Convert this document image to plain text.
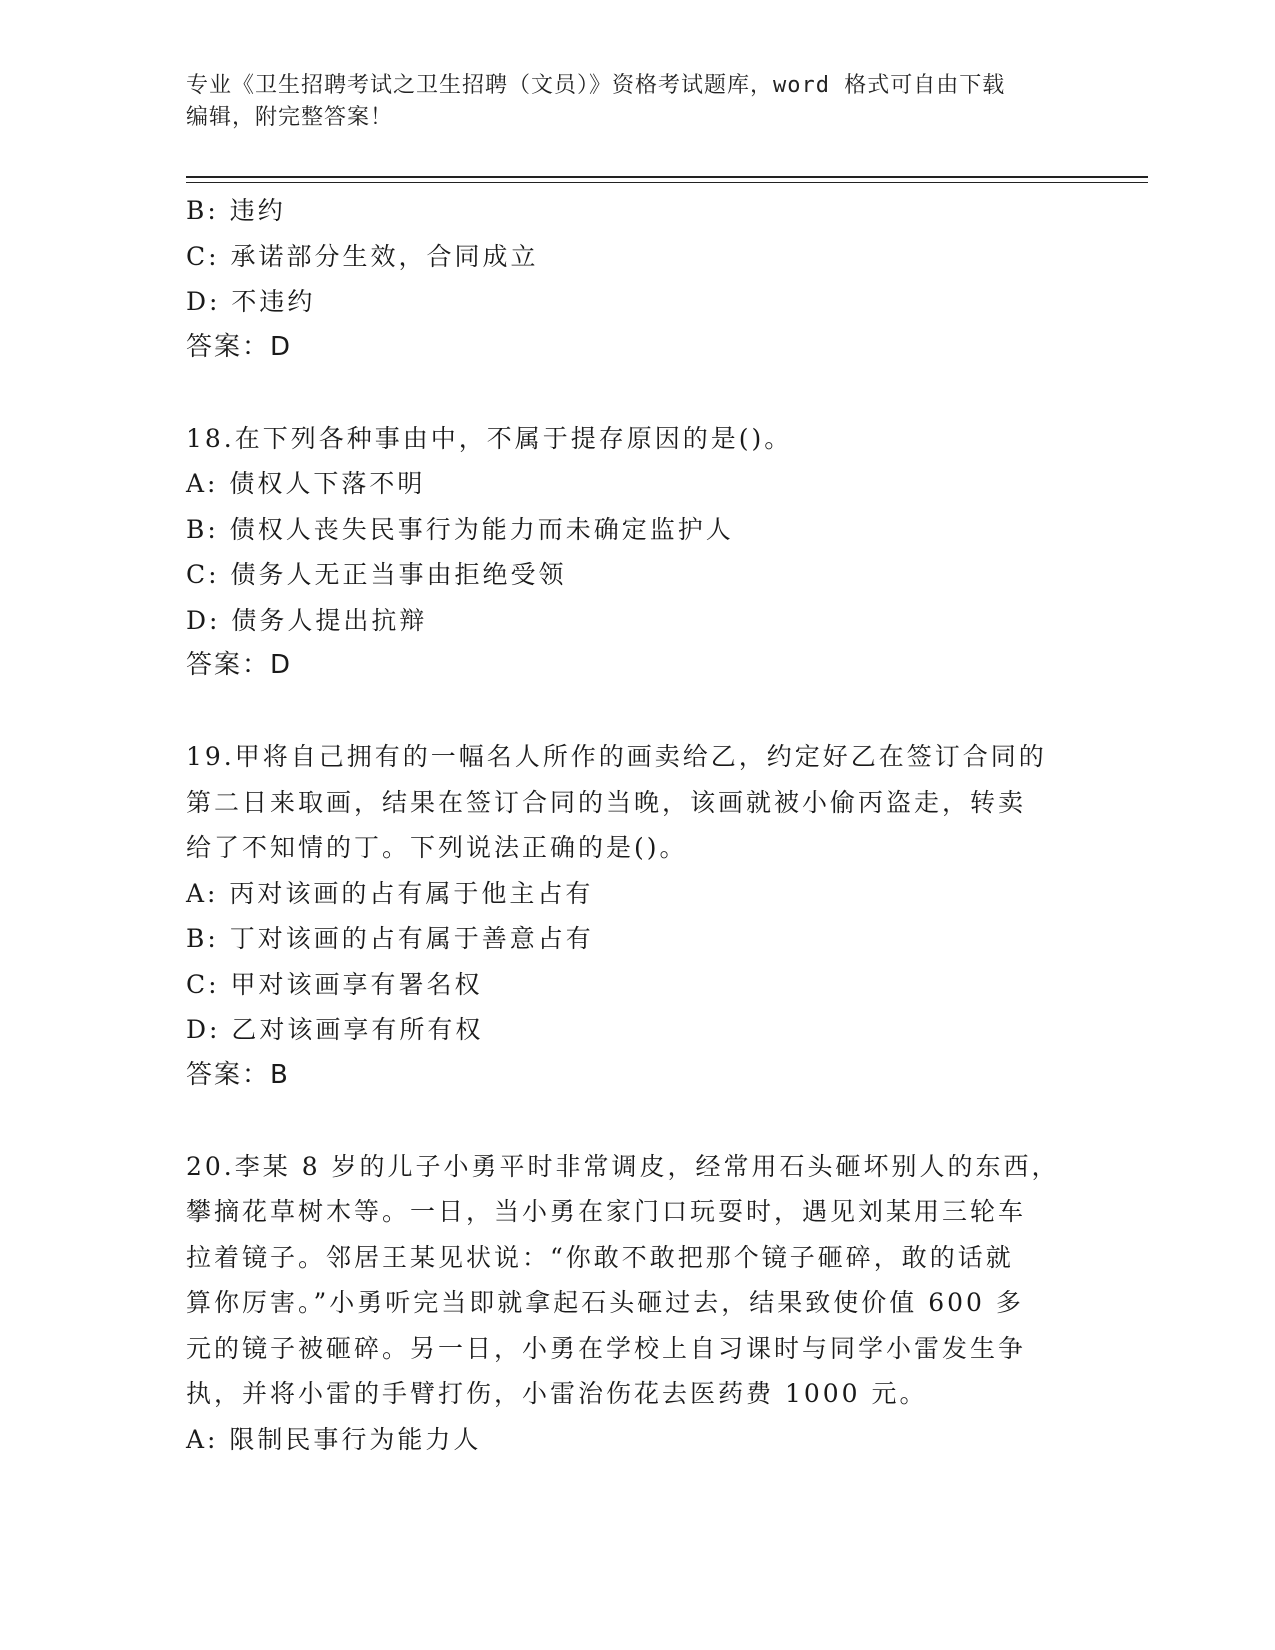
专业《卫生招聘考试之卫生招聘（文员）》资格考试题库，word 格式可自由下载
编辑，附完整答案！
B: 违约
C: 承诺部分生效，合同成立
D: 不违约
答案：D
18.在下列各种事由中，不属于提存原因的是()。
A: 债权人下落不明
B: 债权人丧失民事行为能力而未确定监护人
C: 债务人无正当事由拒绝受领
D: 债务人提出抗辩
答案：D
19.甲将自己拥有的一幅名人所作的画卖给乙，约定好乙在签订合同的
第二日来取画，结果在签订合同的当晚，该画就被小偷丙盗走，转卖
给了不知情的丁。下列说法正确的是()。
A: 丙对该画的占有属于他主占有
B: 丁对该画的占有属于善意占有
C: 甲对该画享有署名权
D: 乙对该画享有所有权
答案：B
20.李某 8 岁的儿子小勇平时非常调皮，经常用石头砸坏别人的东西，
攀摘花草树木等。一日，当小勇在家门口玩耍时，遇见刘某用三轮车
拉着镜子。邻居王某见状说：“你敢不敢把那个镜子砸碎，敢的话就
算你厉害。”小勇听完当即就拿起石头砸过去，结果致使价值 600 多
元的镜子被砸碎。另一日，小勇在学校上自习课时与同学小雷发生争
执，并将小雷的手臂打伤，小雷治伤花去医药费 1000 元。
A: 限制民事行为能力人
